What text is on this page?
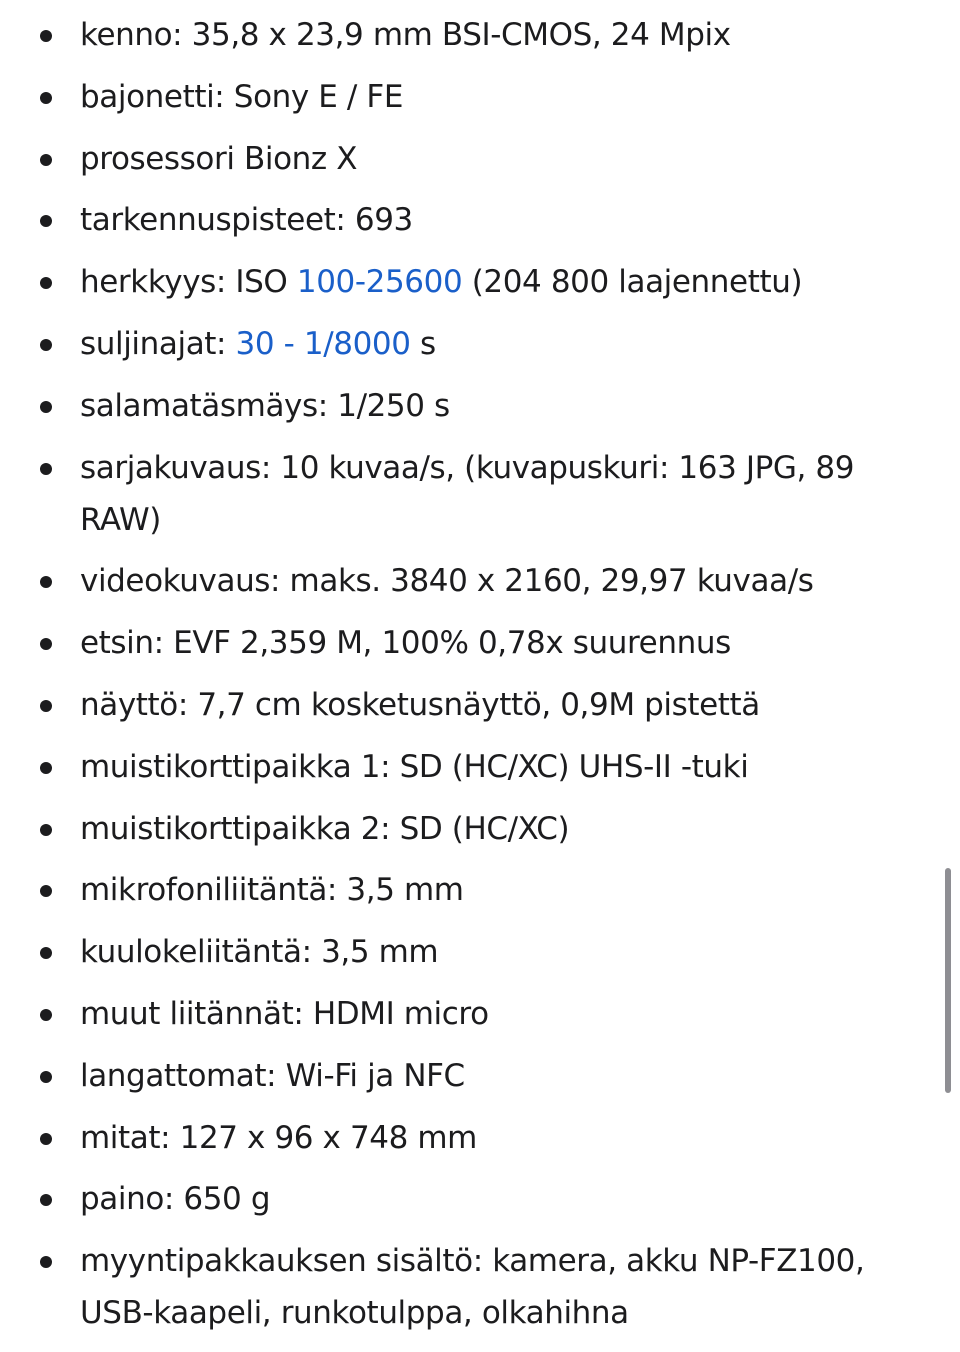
kenno: 35,8 x 23,9 mm BSI-CMOS, 24 Mpix
bajonetti: Sony E / FE
prosessori Bionz X
tarkennuspisteet: 693
herkkyys: ISO 100-25600 (204 800 laajennettu)
suljinajat: 30 - 1/8000 s
salamatäsmäys: 1/250 s
sarjakuvaus: 10 kuvaa/s, (kuvapuskuri: 163 JPG, 89 RAW)
videokuvaus: maks. 3840 x 2160, 29,97 kuvaa/s
etsin: EVF 2,359 M, 100% 0,78x suurennus
näyttö: 7,7 cm kosketusnäyttö, 0,9M pistettä
muistikorttipaikka 1: SD (HC/XC) UHS-II -tuki
muistikorttipaikka 2: SD (HC/XC)
mikrofoniliitäntä: 3,5 mm
kuulokeliitäntä: 3,5 mm
muut liitännät: HDMI micro
langattomat: Wi-Fi ja NFC
mitat: 127 x 96 x 748 mm
paino: 650 g
myyntipakkauksen sisältö: kamera, akku NP-FZ100, USB-kaapeli, runkotulppa, olkahihna
